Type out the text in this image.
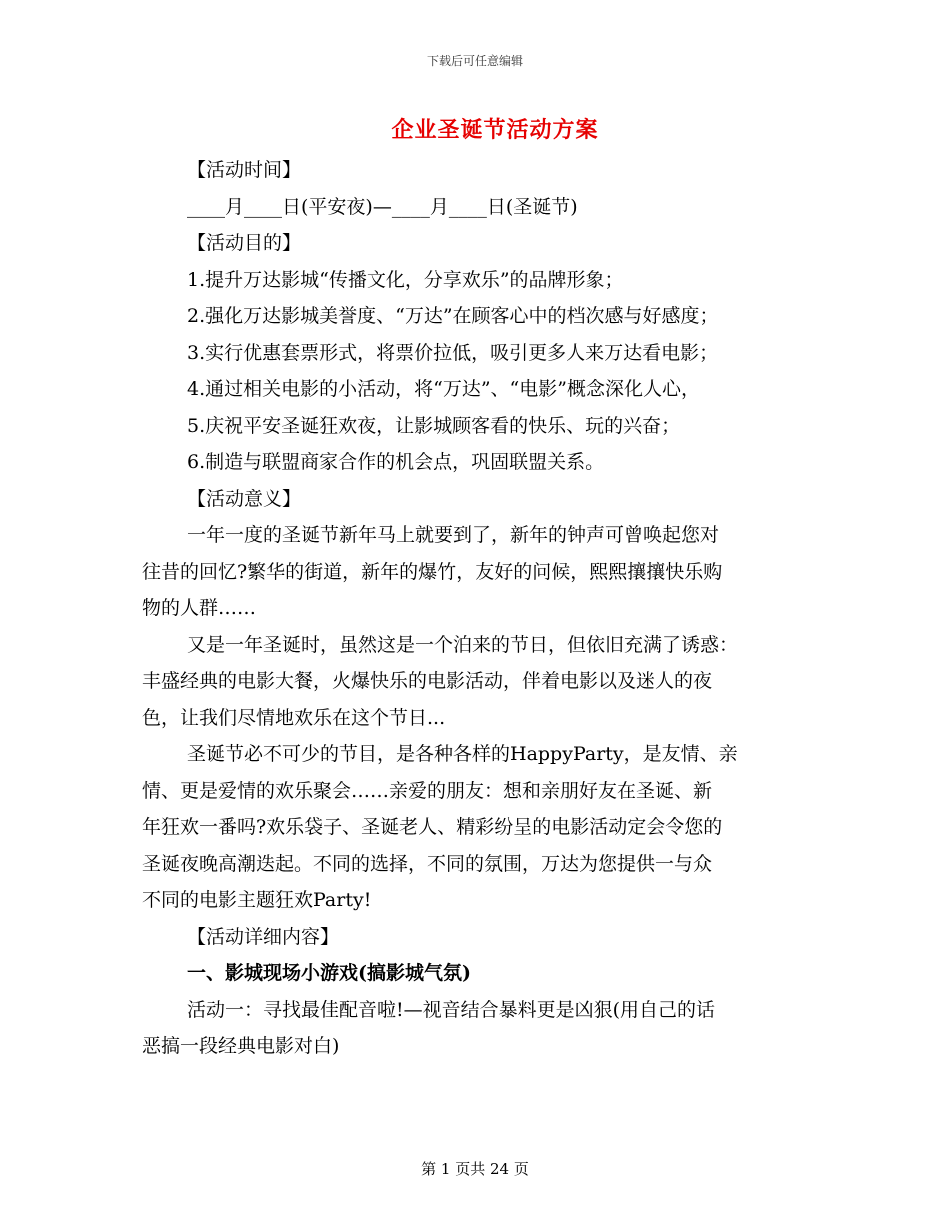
下载后可任意编辑
企业圣诞节活动方案
【活动时间】
____月____日(平安夜)—____月____日(圣诞节)
【活动目的】
1.提升万达影城“传播文化，分享欢乐”的品牌形象；
2.强化万达影城美誉度、“万达”在顾客心中的档次感与好感度；
3.实行优惠套票形式，将票价拉低，吸引更多人来万达看电影；
4.通过相关电影的小活动，将“万达”、“电影”概念深化人心，
5.庆祝平安圣诞狂欢夜，让影城顾客看的快乐、玩的兴奋；
6.制造与联盟商家合作的机会点，巩固联盟关系。
【活动意义】
一年一度的圣诞节新年马上就要到了，新年的钟声可曾唤起您对
往昔的回忆?繁华的街道，新年的爆竹，友好的问候，熙熙攘攘快乐购
物的人群……
又是一年圣诞时，虽然这是一个泊来的节日，但依旧充满了诱惑：
丰盛经典的电影大餐，火爆快乐的电影活动，伴着电影以及迷人的夜
色，让我们尽情地欢乐在这个节日...
圣诞节必不可少的节目，是各种各样的HappyParty，是友情、亲
情、更是爱情的欢乐聚会……亲爱的朋友：想和亲朋好友在圣诞、新
年狂欢一番吗?欢乐袋子、圣诞老人、精彩纷呈的电影活动定会令您的
圣诞夜晚高潮迭起。不同的选择，不同的氛围，万达为您提供一与众
不同的电影主题狂欢Party!
【活动详细内容】
一、影城现场小游戏(搞影城气氛)
活动一：寻找最佳配音啦!—视音结合暴料更是凶狠(用自己的话
恶搞一段经典电影对白)
第 1 页共 24 页
